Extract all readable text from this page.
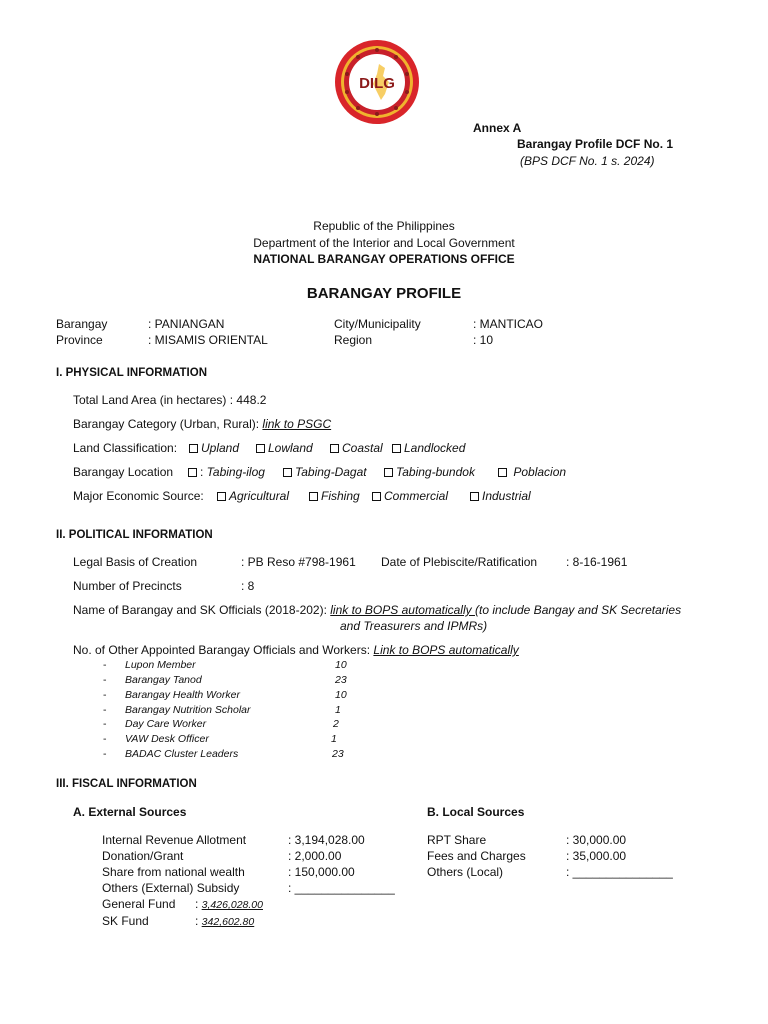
DILG
Annex A
Barangay Profile DCF No. 1
(BPS DCF No. 1 s. 2024)
Republic of the Philippines
Department of the Interior and Local Government
NATIONAL BARANGAY OPERATIONS OFFICE
BARANGAY PROFILE
Barangay	: PANIANGAN
Province	: MISAMIS ORIENTAL
City/Municipality	: MANTICAO
Region	: 10
I. PHYSICAL INFORMATION
Total Land Area (in hectares) : 448.2
Barangay Category (Urban, Rural): link to PSGC
Land Classification:	Upland	Lowland	Coastal	Landlocked
Barangay Location	: Tabing-ilog	Tabing-Dagat	Tabing-bundok	Poblacion
Major Economic Source:	Agricultural	Fishing	Commercial	Industrial
II. POLITICAL INFORMATION
Legal Basis of Creation	: PB Reso #798-1961 Date of Plebiscite/Ratification : 8-16-1961
Number of Precincts	: 8
Name of Barangay and SK Officials (2018-202): link to BOPS automatically (to include Bangay and SK Secretaries
and Treasurers and IPMRs)
No. of Other Appointed Barangay Officials and Workers: Link to BOPS automatically
- Lupon Member	10
- Barangay Tanod	23
- Barangay Health Worker	10
- Barangay Nutrition Scholar	1
- Day Care Worker	2
- VAW Desk Officer	1
- BADAC Cluster Leaders	23
III. FISCAL INFORMATION
A. External Sources	B. Local Sources
Internal Revenue Allotment	: 3,194,028.00
Donation/Grant	: 2,000.00
Share from national wealth	: 150,000.00
Others (External) Subsidy	: _______________
General Fund : 3,426,028.00
SK Fund	: 342,602.80
RPT Share	: 30,000.00
Fees and Charges	: 35,000.00
Others (Local)	: _______________
